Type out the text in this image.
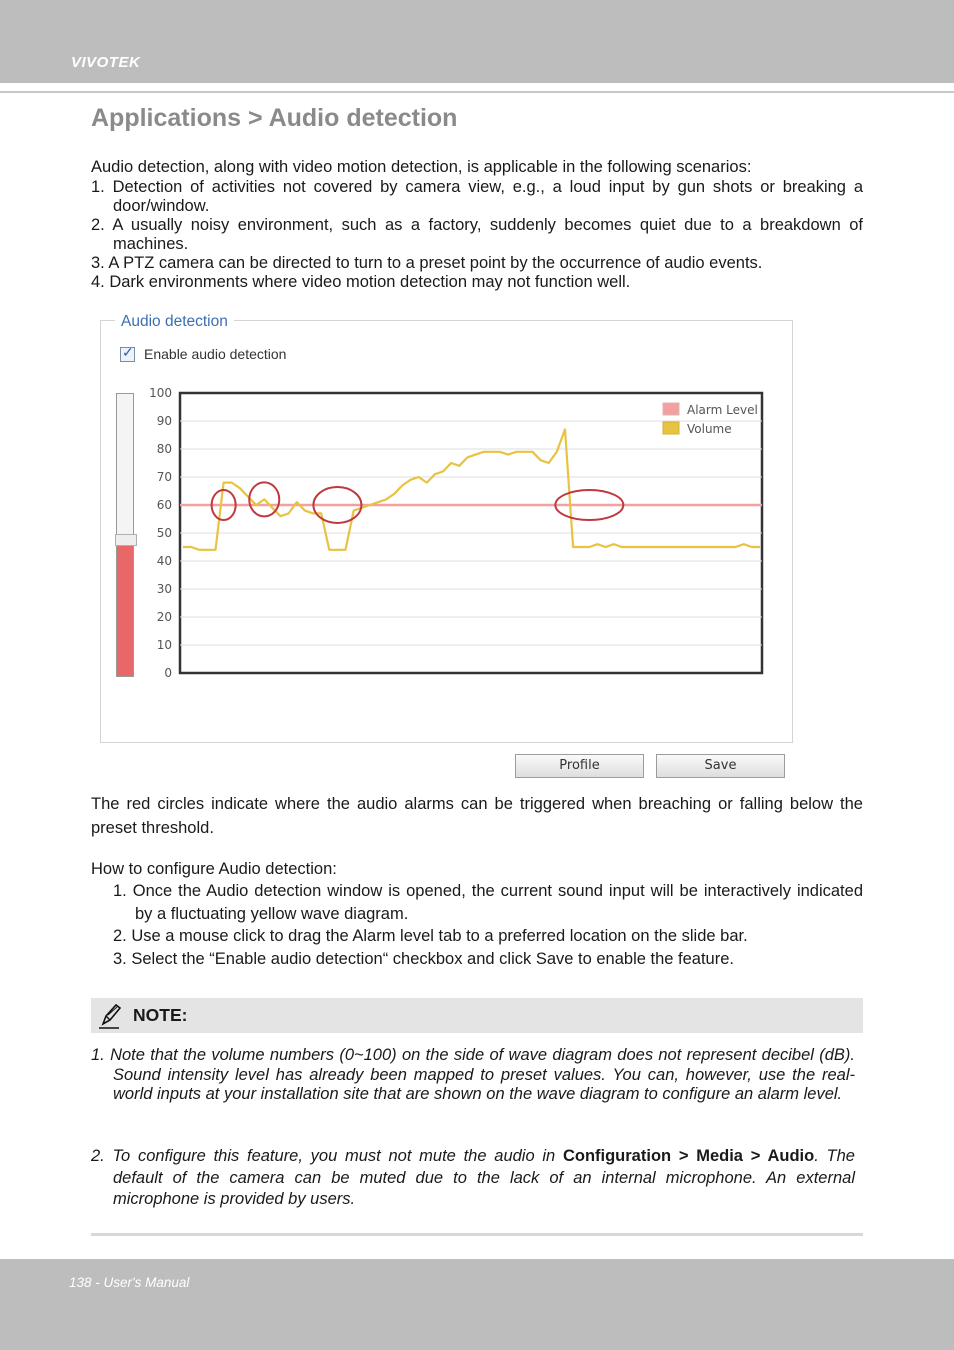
VIVOTEK
Applications > Audio detection

Audio detection, along with video motion detection, is applicable in the following scenarios:

1. Detection of activities not covered by camera view, e.g., a loud input by gun shots or breaking a door/window.
2. A usually noisy environment, such as a factory, suddenly becomes quiet due to a breakdown of machines.
3. A PTZ camera can be directed to turn to a preset point by the occurrence of audio events.
4. Dark environments where video motion detection may not function well.
Audio detection
✓ Enable audio detection
100
90
80
70
60
50
40
30
20
10
0
Alarm Level
Volume
Profile	Save

The red circles indicate where the audio alarms can be triggered when breaching or falling below the preset threshold.

How to configure Audio detection:

1. Once the Audio detection window is opened, the current sound input will be interactively indicated by a fluctuating yellow wave diagram.
2. Use a mouse click to drag the Alarm level tab to a preferred location on the slide bar.
3. Select the “Enable audio detection“ checkbox and click Save to enable the feature.
NOTE:
1. Note that the volume numbers (0~100) on the side of wave diagram does not represent decibel (dB). Sound intensity level has already been mapped to preset values. You can, however, use the real-world inputs at your installation site that are shown on the wave diagram to configure an alarm level.
2. To configure this feature, you must not mute the audio in Configuration > Media > Audio. The default of the camera can be muted due to the lack of an internal microphone. An external microphone is provided by users.
138 - User's Manual
